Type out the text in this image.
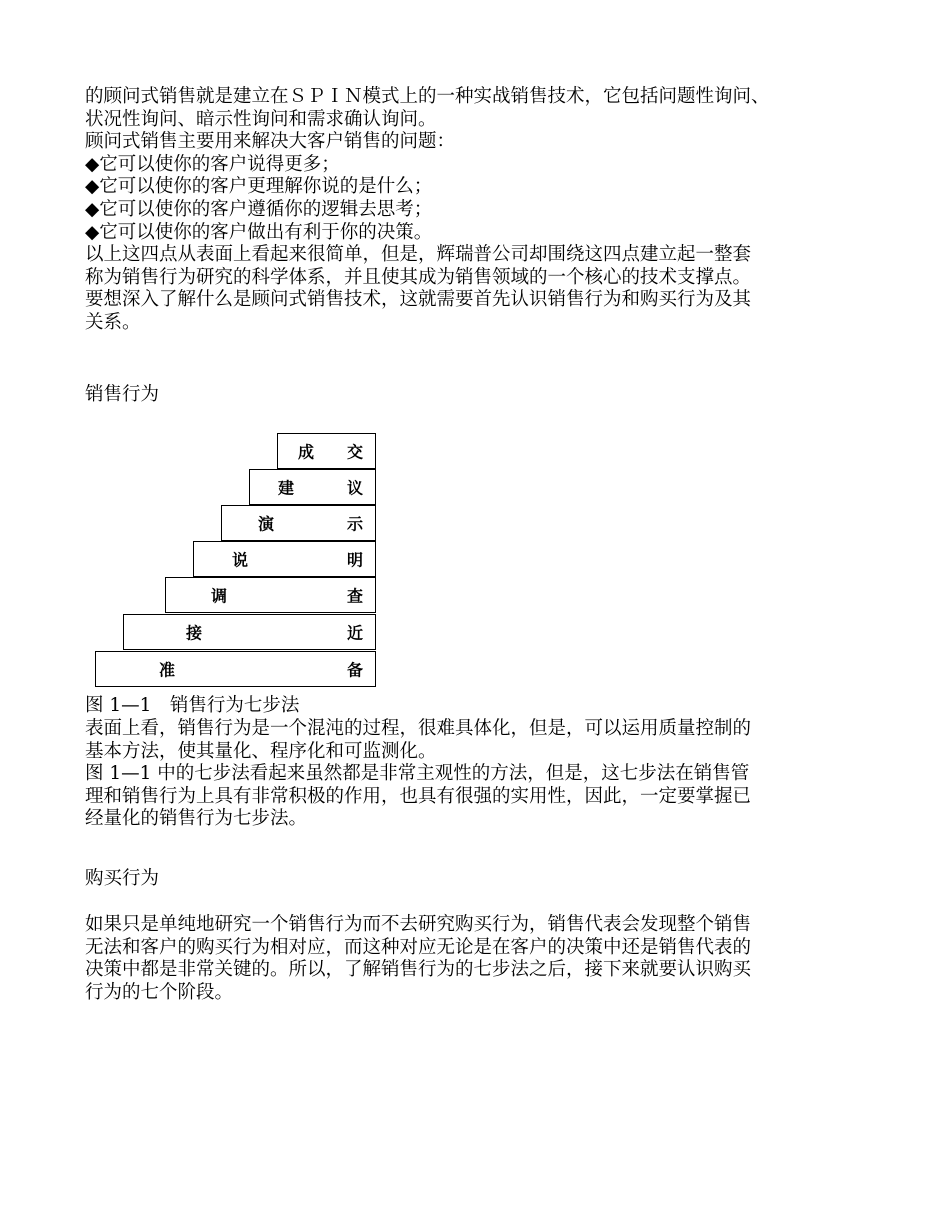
的顾问式销售就是建立在ＳＰＩＮ模式上的一种实战销售技术，它包括问题性询问、
状况性询问、暗示性询问和需求确认询问。
顾问式销售主要用来解决大客户销售的问题：
◆它可以使你的客户说得更多；
◆它可以使你的客户更理解你说的是什么；
◆它可以使你的客户遵循你的逻辑去思考；
◆它可以使你的客户做出有利于你的决策。
以上这四点从表面上看起来很简单，但是，辉瑞普公司却围绕这四点建立起一整套
称为销售行为研究的科学体系，并且使其成为销售领域的一个核心的技术支撑点。
要想深入了解什么是顾问式销售技术，这就需要首先认识销售行为和购买行为及其
关系。

销售行为

成 交
建	议
演	示
说	明
调	查
接	近
准	备

图 1—1　销售行为七步法

表面上看，销售行为是一个混沌的过程，很难具体化，但是，可以运用质量控制的
基本方法，使其量化、程序化和可监测化。
图 1—1 中的七步法看起来虽然都是非常主观性的方法，但是，这七步法在销售管
理和销售行为上具有非常积极的作用，也具有很强的实用性，因此，一定要掌握已
经量化的销售行为七步法。

购买行为

如果只是单纯地研究一个销售行为而不去研究购买行为，销售代表会发现整个销售
无法和客户的购买行为相对应，而这种对应无论是在客户的决策中还是销售代表的
决策中都是非常关键的。所以，了解销售行为的七步法之后，接下来就要认识购买
行为的七个阶段。
